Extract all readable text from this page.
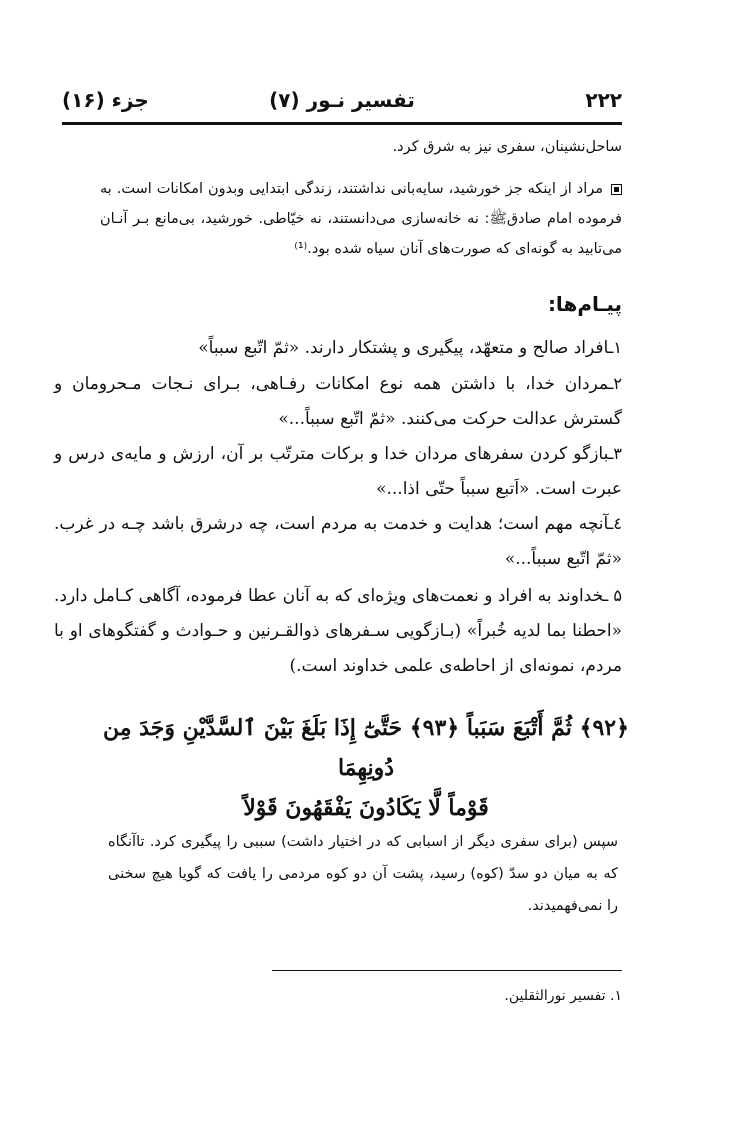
۲۲۲
تفسیر نـور (۷)
جزء (۱۶)
ساحل‌نشینان، سفری نیز به شرق کرد.
مراد از اینکه جز خورشید، سایه‌بانی نداشتند، زندگی ابتدایی وبدون امکانات است. به فرموده امام صادقﷺ: نه خانه‌سازی می‌دانستند، نه خیّاطی. خورشید، بی‌مانع بـر آنـان می‌تابید به گونه‌ای که صورت‌های آنان سیاه شده بود.⁽¹⁾
پیـام‌ها:
۱ـافراد صالح و متعهّد، پیگیری و پشتکار دارند. «ثمّ اتّبع سبباً»
۲ـمردان خدا، با داشتن همه نوع امکانات رفـاهی، بـرای نـجات مـحرومان و گسترش عدالت حرکت می‌کنند. «ثمّ اتّبع سبباً...»
۳ـبازگو کردن سفرهای مردان خدا و برکات مترتّب بر آن، ارزش و مایه‌ی درس و عبرت است. «اَتبع سبباً حتّی اذا...»
٤ـآنچه مهم است؛ هدایت و خدمت به مردم است، چه درشرق باشد چـه در غرب. «ثمّ اتّبع سبباً...»
۵ ـخداوند به افراد و نعمت‌های ویژه‌ای که به آنان عطا فرموده، آگاهی کـامل دارد. «احطنا بما لدیه خُبراً» (بـازگویی سـفرهای ذوالقـرنین و حـوادث و گفتگوهای او با مردم، نمونه‌ای از احاطه‌ی علمی خداوند است.)
﴿۹۲﴾ ثُمَّ أَتْبَعَ سَبَباً ﴿۹۳﴾ حَتَّىٰٓ إِذَا بَلَغَ بَيْنَ ٱلسَّدَّيْنِ وَجَدَ مِن دُونِهِمَا
قَوْماً لَّا يَكَادُونَ يَفْقَهُونَ قَوْلاً
سپس (برای سفری دیگر از اسبابی که در اختیار داشت) سببی را پیگیری کرد. تاآنگاه که به میان دو سدّ (کوه) رسید، پشت آن دو کوه مردمی را یافت که گویا هیچ سخنی را نمی‌فهمیدند.
۱. تفسیر نورالثقلین.
